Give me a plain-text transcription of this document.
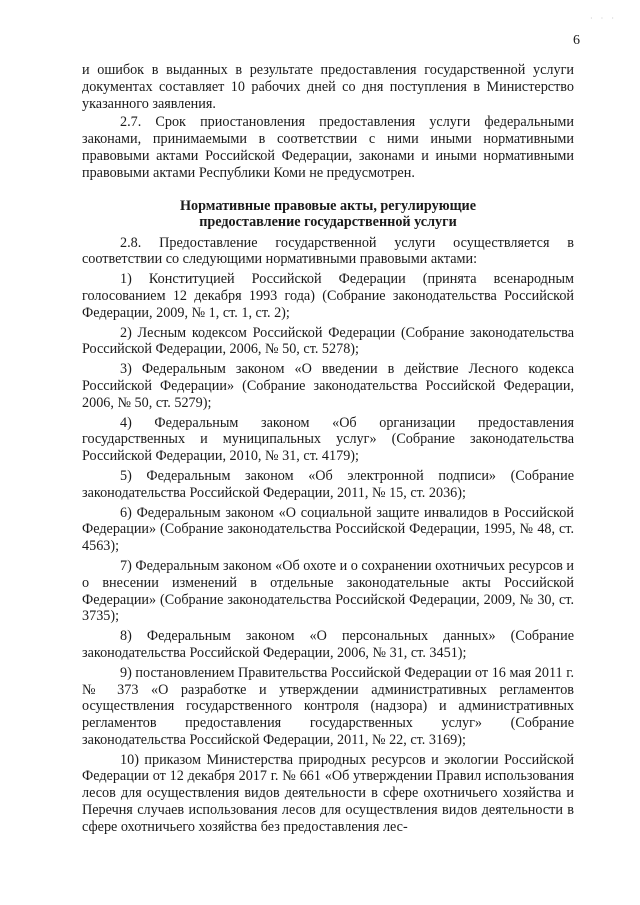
· · ·
6

и ошибок в выданных в результате предоставления государственной услуги документах составляет 10 рабочих дней со дня поступления в Министерство указанного заявления.

2.7. Срок приостановления предоставления услуги федеральными законами, принимаемыми в соответствии с ними иными нормативными правовыми актами Российской Федерации, законами и иными нормативными правовыми актами Республики Коми не предусмотрен.

Нормативные правовые акты, регулирующие
предоставление государственной услуги

2.8. Предоставление государственной услуги осуществляется в соответствии со следующими нормативными правовыми актами:

1) Конституцией Российской Федерации (принята всенародным голосованием 12 декабря 1993 года) (Собрание законодательства Российской Федерации, 2009, № 1, ст. 1, ст. 2);

2) Лесным кодексом Российской Федерации (Собрание законодательства Российской Федерации, 2006, № 50, ст. 5278);

3) Федеральным законом «О введении в действие Лесного кодекса Российской Федерации» (Собрание законодательства Российской Федерации, 2006, № 50, ст. 5279);

4) Федеральным законом «Об организации предоставления государственных и муниципальных услуг» (Собрание законодательства Российской Федерации, 2010, № 31, ст. 4179);

5) Федеральным законом «Об электронной подписи» (Собрание законодательства Российской Федерации, 2011, № 15, ст. 2036);

6) Федеральным законом «О социальной защите инвалидов в Российской Федерации» (Собрание законодательства Российской Федерации, 1995, № 48, ст. 4563);

7) Федеральным законом «Об охоте и о сохранении охотничьих ресурсов и о внесении изменений в отдельные законодательные акты Российской Федерации» (Собрание законодательства Российской Федерации, 2009, № 30, ст. 3735);

8) Федеральным законом «О персональных данных» (Собрание законодательства Российской Федерации, 2006, № 31, ст. 3451);

9) постановлением Правительства Российской Федерации от 16 мая 2011 г. № 373 «О разработке и утверждении административных регламентов осуществления государственного контроля (надзора) и административных регламентов предоставления государственных услуг» (Собрание законодательства Российской Федерации, 2011, № 22, ст. 3169);

10) приказом Министерства природных ресурсов и экологии Российской Федерации от 12 декабря 2017 г. № 661 «Об утверждении Правил использования лесов для осуществления видов деятельности в сфере охотничьего хозяйства и Перечня случаев использования лесов для осуществления видов деятельности в сфере охотничьего хозяйства без предоставления лес-
